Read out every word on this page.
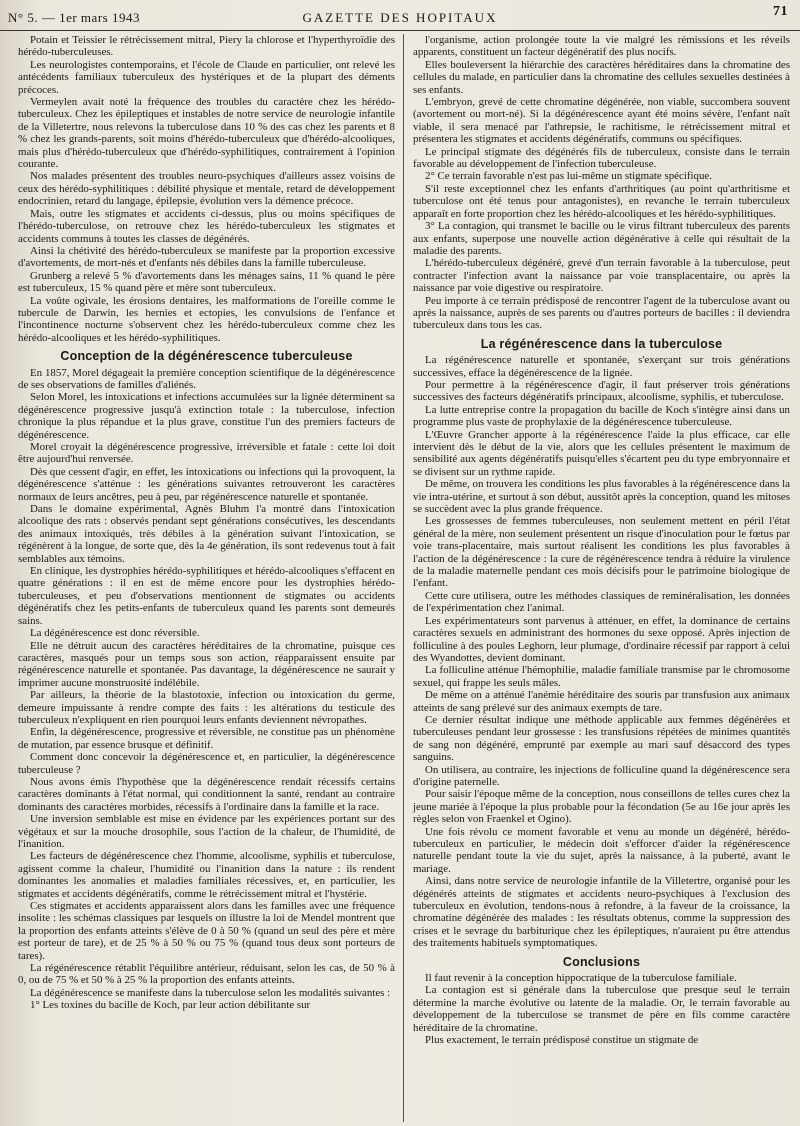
N° 5. — 1er mars 1943	GAZETTE DES HOPITAUX	71

Potain et Teissier le rétrécissement mitral, Piery la chlorose et l'hyperthyroïdie des hérédo-tuberculeuses.

Les neurologistes contemporains, et l'école de Claude en particulier, ont relevé les antécédents familiaux tuberculeux des hystériques et de la plupart des déments précoces.

Vermeylen avait noté la fréquence des troubles du caractère chez les hérédo-tuberculeux. Chez les épileptiques et instables de notre service de neurologie infantile de la Villetertre, nous relevons la tuberculose dans 10 % des cas chez les parents et 8 % chez les grands-parents, soit moins d'hérédo-tuberculeux que d'hérédo-alcooliques, mais plus d'hérédo-tuberculeux que d'hérédo-syphilitiques, contrairement à l'opinion courante.

Nos malades présentent des troubles neuro-psychiques d'ailleurs assez voisins de ceux des hérédo-syphilitiques : débilité physique et mentale, retard de développement endocrinien, retard du langage, épilepsie, évolution vers la démence précoce.

Mais, outre les stigmates et accidents ci-dessus, plus ou moins spécifiques de l'hérédo-tuberculose, on retrouve chez les hérédo-tuberculeux les stigmates et accidents communs à toutes les classes de dégénérés.

Ainsi la chétivité des hérédo-tuberculeux se manifeste par la proportion excessive d'avortements, de mort-nés et d'enfants nés débiles dans la famille tuberculeuse.

Grunberg a relevé 5 % d'avortements dans les ménages sains, 11 % quand le père est tuberculeux, 15 % quand père et mère sont tuberculeux.

La voûte ogivale, les érosions dentaires, les malformations de l'oreille comme le tubercule de Darwin, les hernies et ectopies, les convulsions de l'enfance et l'incontinence nocturne s'observent chez les hérédo-tuberculeux comme chez les hérédo-alcooliques et les hérédo-syphilitiques.

Conception de la dégénérescence tuberculeuse

En 1857, Morel dégageait la première conception scientifique de la dégénérescence de ses observations de familles d'aliénés.

Selon Morel, les intoxications et infections accumulées sur la lignée déterminent sa dégénérescence progressive jusqu'à extinction totale : la tuberculose, infection chronique la plus répandue et la plus grave, constitue l'un des premiers facteurs de dégénérescence.

Morel croyait la dégénérescence progressive, irréversible et fatale : cette loi doit être aujourd'hui renversée.

Dès que cessent d'agir, en effet, les intoxications ou infections qui la provoquent, la dégénérescence s'atténue : les générations suivantes retrouveront les caractères normaux de leurs ancêtres, peu à peu, par régénérescence naturelle et spontanée.

Dans le domaine expérimental, Agnès Bluhm l'a montré dans l'intoxication alcoolique des rats : observés pendant sept générations consécutives, les descendants des animaux intoxiqués, très débiles à la génération suivant l'intoxication, se régénèrent à la longue, de sorte que, dès la 4e génération, ils sont redevenus tout à fait semblables aux témoins.

En clinique, les dystrophies hérédo-syphilitiques et hérédo-alcooliques s'effacent en quatre générations : il en est de même encore pour les dystrophies hérédo-tuberculeuses, et peu d'observations mentionnent de stigmates ou accidents dégénératifs chez les petits-enfants de tuberculeux quand les parents sont demeurés sains.

La dégénérescence est donc réversible.

Elle ne détruit aucun des caractères héréditaires de la chromatine, puisque ces caractères, masqués pour un temps sous son action, réapparaissent ensuite par régénérescence naturelle et spontanée. Pas davantage, la dégénérescence ne saurait y imprimer aucune monstruosité indélébile.

Par ailleurs, la théorie de la blastotoxie, infection ou intoxication du germe, demeure impuissante à rendre compte des faits : les altérations du testicule des tuberculeux n'expliquent en rien pourquoi leurs enfants deviennent névropathes.

Enfin, la dégénérescence, progressive et réversible, ne constitue pas un phénomène de mutation, par essence brusque et définitif.

Comment donc concevoir la dégénérescence et, en particulier, la dégénérescence tuberculeuse ?

Nous avons émis l'hypothèse que la dégénérescence rendait récessifs certains caractères dominants à l'état normal, qui conditionnent la santé, rendant au contraire dominants des caractères morbides, récessifs à l'ordinaire dans la famille et la race.

Une inversion semblable est mise en évidence par les expériences portant sur des végétaux et sur la mouche drosophile, sous l'action de la chaleur, de l'humidité, de l'inanition.

Les facteurs de dégénérescence chez l'homme, alcoolisme, syphilis et tuberculose, agissent comme la chaleur, l'humidité ou l'inanition dans la nature : ils rendent dominantes les anomalies et maladies familiales récessives, et, en particulier, les stigmates et accidents dégénératifs, comme le rétrécissement mitral et l'hystérie.

Ces stigmates et accidents apparaissent alors dans les familles avec une fréquence insolite : les schémas classiques par lesquels on illustre la loi de Mendel montrent que la proportion des enfants atteints s'élève de 0 à 50 % (quand un seul des père et mère est porteur de tare), et de 25 % à 50 % ou 75 % (quand tous deux sont porteurs de tares).

La régénérescence rétablit l'équilibre antérieur, réduisant, selon les cas, de 50 % à 0, ou de 75 % et 50 % à 25 % la proportion des enfants atteints.

La dégénérescence se manifeste dans la tuberculose selon les modalités suivantes :

1° Les toxines du bacille de Koch, par leur action débilitante sur

l'organisme, action prolongée toute la vie malgré les rémissions et les réveils apparents, constituent un facteur dégénératif des plus nocifs.

Elles bouleversent la hiérarchie des caractères héréditaires dans la chromatine des cellules du malade, en particulier dans la chromatine des cellules sexuelles destinées à ses enfants.

L'embryon, grevé de cette chromatine dégénérée, non viable, succombera souvent (avortement ou mort-né). Si la dégénérescence ayant été moins sévère, l'enfant naît viable, il sera menacé par l'athrepsie, le rachitisme, le rétrécissement mitral et présentera les stigmates et accidents dégénératifs, communs ou spécifiques.

Le principal stigmate des dégénérés fils de tuberculeux, consiste dans le terrain favorable au développement de l'infection tuberculeuse.

2° Ce terrain favorable n'est pas lui-même un stigmate spécifique.

S'il reste exceptionnel chez les enfants d'arthritiques (au point qu'arthritisme et tuberculose ont été tenus pour antagonistes), en revanche le terrain tuberculeux apparaît en forte proportion chez les hérédo-alcooliques et les hérédo-syphilitiques.

3° La contagion, qui transmet le bacille ou le virus filtrant tuberculeux des parents aux enfants, superpose une nouvelle action dégénérative à celle qui résultait de la maladie des parents.

L'hérédo-tuberculeux dégénéré, grevé d'un terrain favorable à la tuberculose, peut contracter l'infection avant la naissance par voie transplacentaire, ou après la naissance par voie digestive ou respiratoire.

Peu importe à ce terrain prédisposé de rencontrer l'agent de la tuberculose avant ou après la naissance, auprès de ses parents ou d'autres porteurs de bacilles : il deviendra tuberculeux dans tous les cas.

La régénérescence dans la tuberculose

La régénérescence naturelle et spontanée, s'exerçant sur trois générations successives, efface la dégénérescence de la lignée.

Pour permettre à la régénérescence d'agir, il faut préserver trois générations successives des facteurs dégénératifs principaux, alcoolisme, syphilis, et tuberculose.

La lutte entreprise contre la propagation du bacille de Koch s'intègre ainsi dans un programme plus vaste de prophylaxie de la dégénérescence tuberculeuse.

L'Œuvre Grancher apporte à la régénérescence l'aide la plus efficace, car elle intervient dès le début de la vie, alors que les cellules présentent le maximum de sensibilité aux agents dégénératifs puisqu'elles s'écartent peu du type embryonnaire et se divisent sur un rythme rapide.

De même, on trouvera les conditions les plus favorables à la régénérescence dans la vie intra-utérine, et surtout à son début, aussitôt après la conception, quand les mitoses se succèdent avec la plus grande fréquence.

Les grossesses de femmes tuberculeuses, non seulement mettent en péril l'état général de la mère, non seulement présentent un risque d'inoculation pour le fœtus par voie trans-placentaire, mais surtout réalisent les conditions les plus favorables à l'action de la dégénérescence : la cure de régénérescence tendra à réduire la virulence de la maladie maternelle pendant ces mois décisifs pour le patrimoine biologique de l'enfant.

Cette cure utilisera, outre les méthodes classiques de reminéralisation, les données de l'expérimentation chez l'animal.

Les expérimentateurs sont parvenus à atténuer, en effet, la dominance de certains caractères sexuels en administrant des hormones du sexe opposé. Après injection de folliculine à des poules Leghorn, leur plumage, d'ordinaire récessif par rapport à celui des Wyandottes, devient dominant.

La folliculine atténue l'hémophilie, maladie familiale transmise par le chromosome sexuel, qui frappe les seuls mâles.

De même on a atténué l'anémie héréditaire des souris par transfusion aux animaux atteints de sang prélevé sur des animaux exempts de tare.

Ce dernier résultat indique une méthode applicable aux femmes dégénérées et tuberculeuses pendant leur grossesse : les transfusions répétées de minimes quantités de sang non dégénéré, emprunté par exemple au mari sauf désaccord des types sanguins.

On utilisera, au contraire, les injections de folliculine quand la dégénérescence sera d'origine paternelle.

Pour saisir l'époque même de la conception, nous conseillons de telles cures chez la jeune mariée à l'époque la plus probable pour la fécondation (5e au 16e jour après les règles selon von Fraenkel et Ogino).

Une fois révolu ce moment favorable et venu au monde un dégénéré, hérédo-tuberculeux en particulier, le médecin doit s'efforcer d'aider la régénérescence naturelle pendant toute la vie du sujet, après la naissance, à la puberté, avant le mariage.

Ainsi, dans notre service de neurologie infantile de la Villetertre, organisé pour les dégénérés atteints de stigmates et accidents neuro-psychiques à l'exclusion des tuberculeux en évolution, tendons-nous à refondre, à la faveur de la croissance, la chromatine dégénérée des malades : les résultats obtenus, comme la suppression des crises et le sevrage du barbiturique chez les épileptiques, n'auraient pu être attendus des traitements habituels symptomatiques.

Conclusions

Il faut revenir à la conception hippocratique de la tuberculose familiale.

La contagion est si générale dans la tuberculose que presque seul le terrain détermine la marche évolutive ou latente de la maladie. Or, le terrain favorable au développement de la tuberculose se transmet de père en fils comme caractère héréditaire de la chromatine.

Plus exactement, le terrain prédisposé constitue un stigmate de
